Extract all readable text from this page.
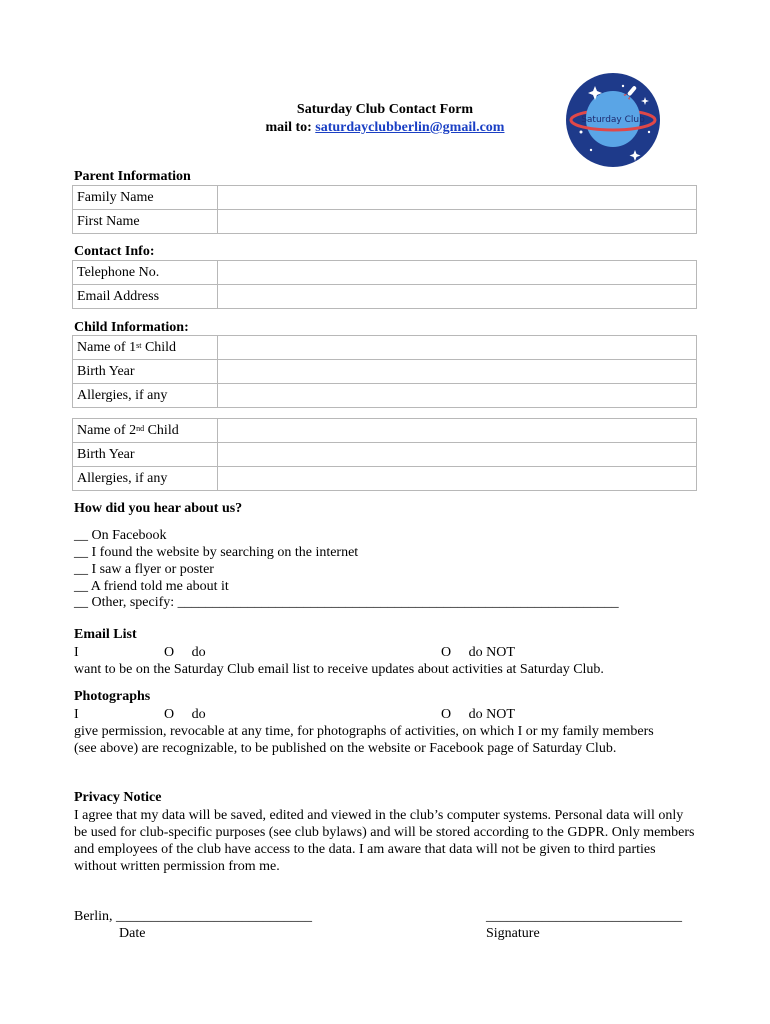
Saturday Club Contact Form
mail to: saturdayclubberlin@gmail.com	Saturday Club
Parent Information
Family Name	
First Name	
Contact Info:
Telephone No.	
Email Address	
Child Information:
Name of 1st Child	
Birth Year	
Allergies, if any	
Name of 2nd Child	
Birth Year	
Allergies, if any	
How did you hear about us?
__ On Facebook
__ I found the website by searching on the internet
__ I saw a flyer or poster
__ A friend told me about it
__ Other, specify: _______________________________________________________________
Email List
I	O     do	O     do NOT
want to be on the Saturday Club email list to receive updates about activities at Saturday Club.
Photographs
I	O     do	O     do NOT
give permission, revocable at any time, for photographs of activities, on which I or my family members (see above) are recognizable, to be published on the website or Facebook page of Saturday Club.
Privacy Notice
I agree that my data will be saved, edited and viewed in the club’s computer systems. Personal data will only be used for club-specific purposes (see club bylaws) and will be stored according to the GDPR. Only members and employees of the club have access to the data. I am aware that data will not be given to third parties without written permission from me.
Berlin, ____________________________
Date
____________________________
Signature
